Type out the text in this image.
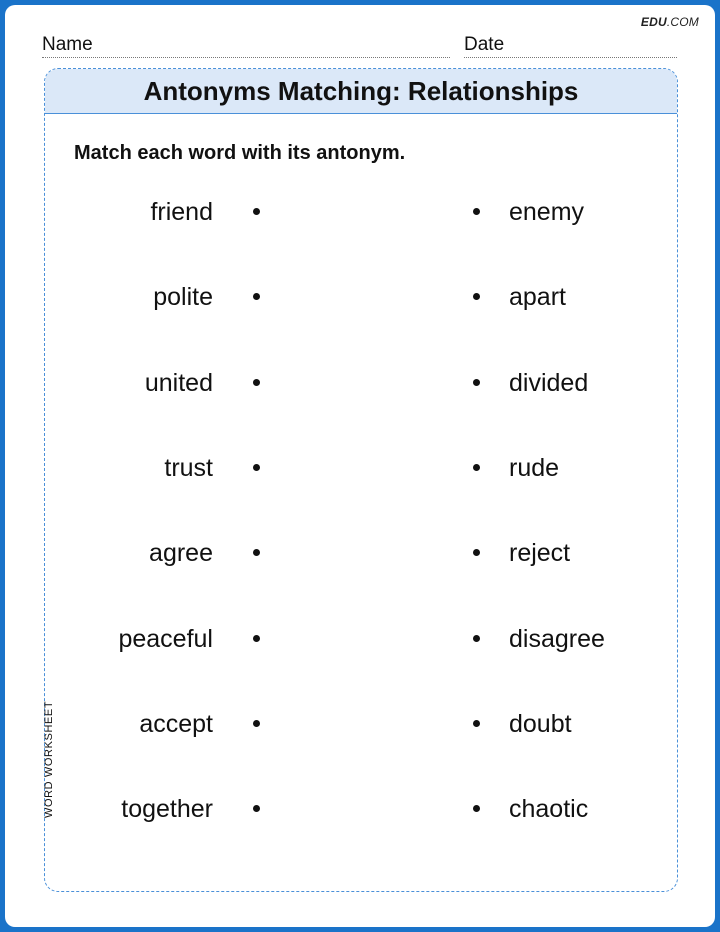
EDU.COM
Name	Date
Antonyms Matching: Relationships
Match each word with its antonym.
friend	enemy
polite	apart
united	divided
trust	rude
agree	reject
peaceful	disagree
accept	doubt
together	chaotic
WORD WORKSHEET
